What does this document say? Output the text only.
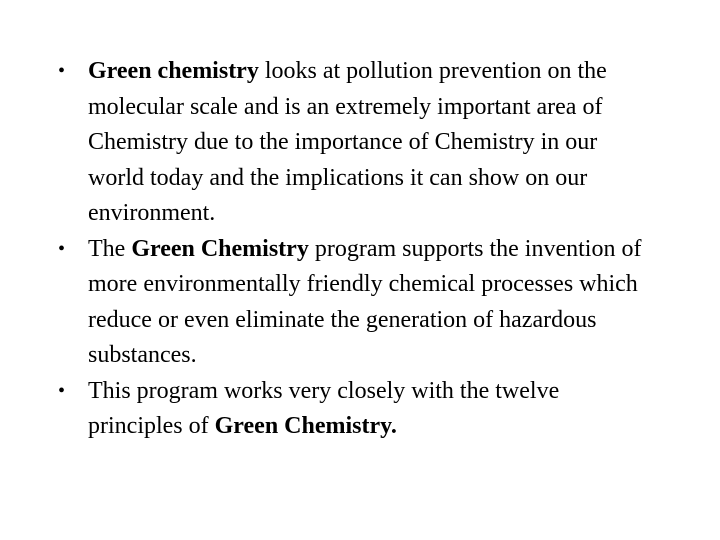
• Green chemistry looks at pollution prevention on the molecular scale and is an extremely important area of Chemistry due to the importance of Chemistry in our world today and the implications it can show on our environment.
• The Green Chemistry program supports the invention of more environmentally friendly chemical processes which reduce or even eliminate the generation of hazardous substances.
• This program works very closely with the twelve principles of Green Chemistry.
